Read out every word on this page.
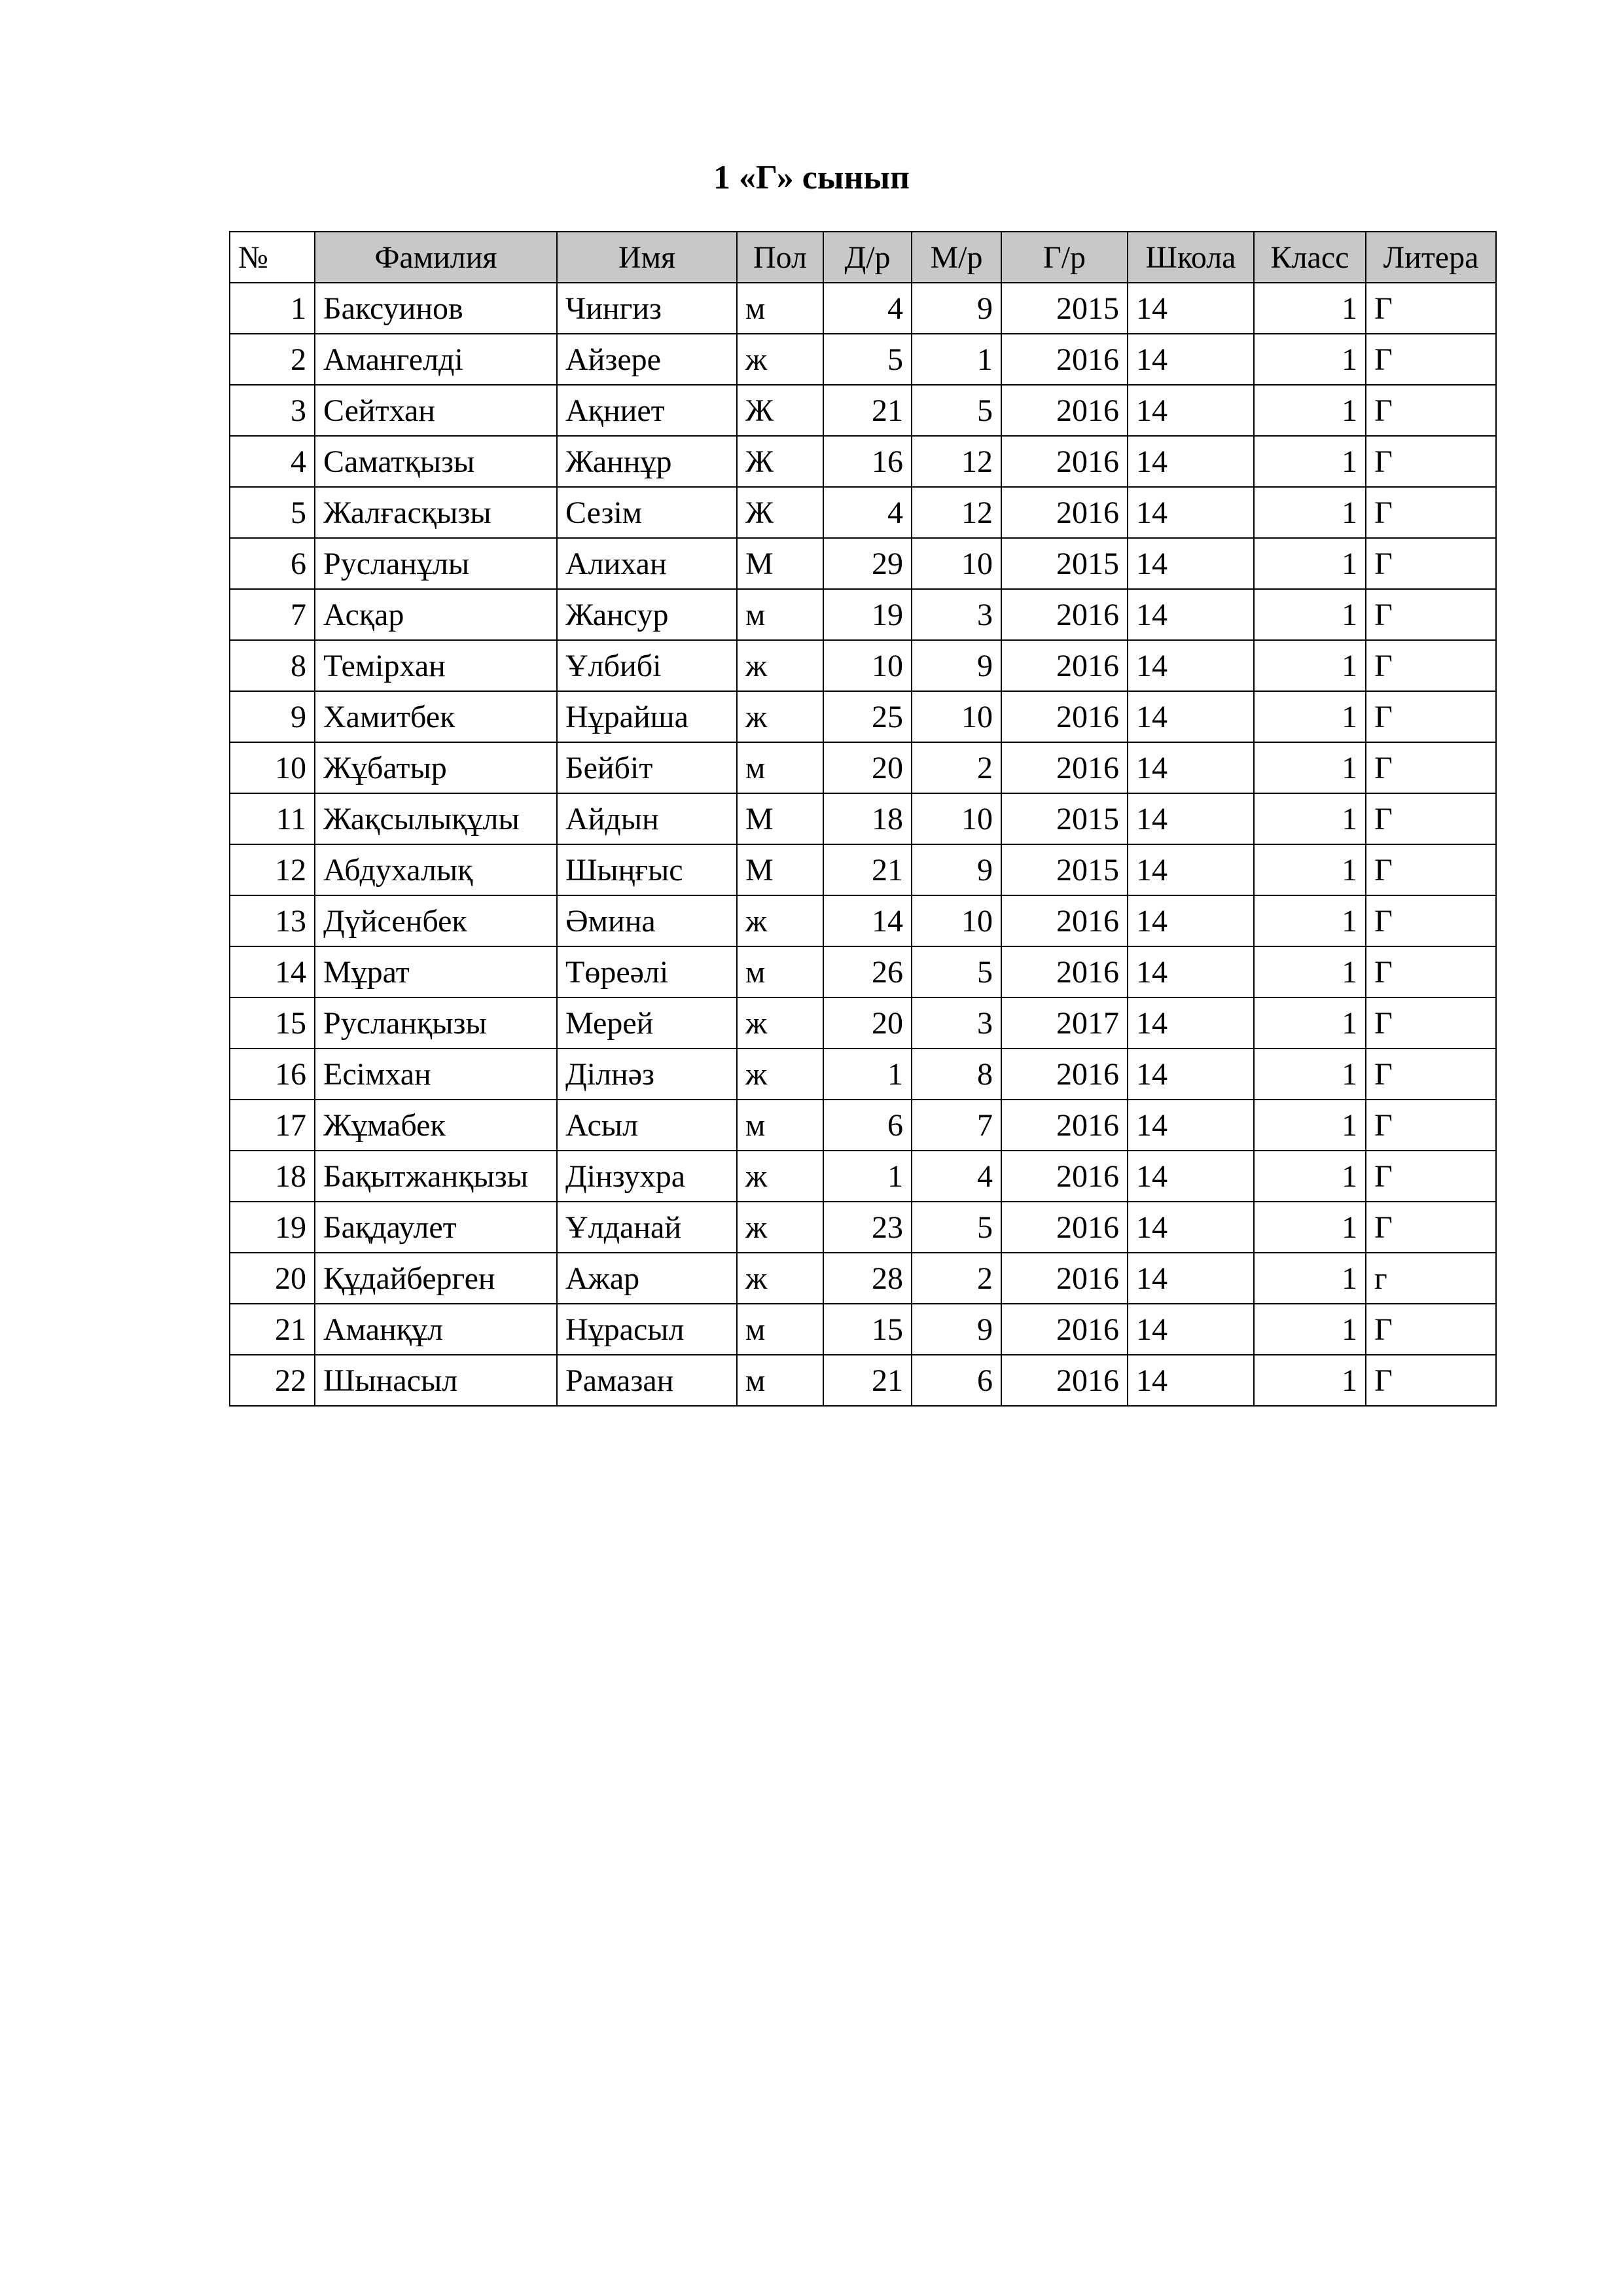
1 «Г» сынып
№	Фамилия	Имя	Пол	Д/р	М/р	Г/р	Школа	Класс	Литера
1	Баксуинов	Чингиз	м	4	9	2015	14	1	Г
2	Амангелді	Айзере	ж	5	1	2016	14	1	Г
3	Сейтхан	Ақниет	Ж	21	5	2016	14	1	Г
4	Саматқызы	Жаннұр	Ж	16	12	2016	14	1	Г
5	Жалғасқызы	Сезім	Ж	4	12	2016	14	1	Г
6	Русланұлы	Алихан	М	29	10	2015	14	1	Г
7	Асқар	Жансур	м	19	3	2016	14	1	Г
8	Темірхан	Ұлбибі	ж	10	9	2016	14	1	Г
9	Хамитбек	Нұрайша	ж	25	10	2016	14	1	Г
10	Жұбатыр	Бейбіт	м	20	2	2016	14	1	Г
11	Жақсылықұлы	Айдын	М	18	10	2015	14	1	Г
12	Абдухалық	Шыңғыс	М	21	9	2015	14	1	Г
13	Дүйсенбек	Әмина	ж	14	10	2016	14	1	Г
14	Мұрат	Төреәлі	м	26	5	2016	14	1	Г
15	Русланқызы	Мерей	ж	20	3	2017	14	1	Г
16	Есімхан	Ділнәз	ж	1	8	2016	14	1	Г
17	Жұмабек	Асыл	м	6	7	2016	14	1	Г
18	Бақытжанқызы	Дінзухра	ж	1	4	2016	14	1	Г
19	Бақдаулет	Ұлданай	ж	23	5	2016	14	1	Г
20	Құдайберген	Ажар	ж	28	2	2016	14	1	г
21	Аманқұл	Нұрасыл	м	15	9	2016	14	1	Г
22	Шынасыл	Рамазан	м	21	6	2016	14	1	Г
